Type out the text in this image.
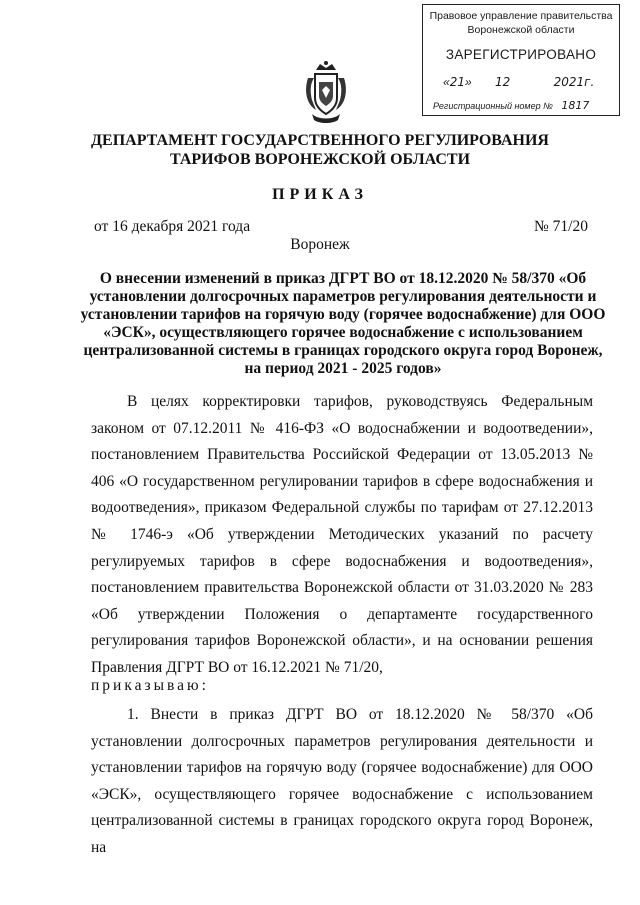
Правовое управление правительства
Воронежской области
ЗАРЕГИСТРИРОВАНО
«21» 12	2021г.
Регистрационный номер № 1817
ДЕПАРТАМЕНТ ГОСУДАРСТВЕННОГО РЕГУЛИРОВАНИЯ
ТАРИФОВ ВОРОНЕЖСКОЙ ОБЛАСТИ
ПРИКАЗ
от 16 декабря 2021 года	№ 71/20
Воронеж
О внесении изменений в приказ ДГРТ ВО от 18.12.2020 № 58/370 «Об установлении долгосрочных параметров регулирования деятельности и установлении тарифов на горячую воду (горячее водоснабжение) для ООО «ЭСК», осуществляющего горячее водоснабжение с использованием централизованной системы в границах городского округа город Воронеж, на период 2021 - 2025 годов»
В целях корректировки тарифов, руководствуясь Федеральным законом от 07.12.2011 № 416-ФЗ «О водоснабжении и водоотведении», постановлением Правительства Российской Федерации от 13.05.2013 № 406 «О государственном регулировании тарифов в сфере водоснабжения и водоотведения», приказом Федеральной службы по тарифам от 27.12.2013 № 1746-э «Об утверждении Методических указаний по расчету регулируемых тарифов в сфере водоснабжения и водоотведения», постановлением правительства Воронежской области от 31.03.2020 № 283 «Об утверждении Положения о департаменте государственного регулирования тарифов Воронежской области», и на основании решения Правления ДГРТ ВО от 16.12.2021 № 71/20,
приказываю:
1. Внести в приказ ДГРТ ВО от 18.12.2020 № 58/370 «Об установлении долгосрочных параметров регулирования деятельности и установлении тарифов на горячую воду (горячее водоснабжение) для ООО «ЭСК», осуществляющего горячее водоснабжение с использованием централизованной системы в границах городского округа город Воронеж, на
